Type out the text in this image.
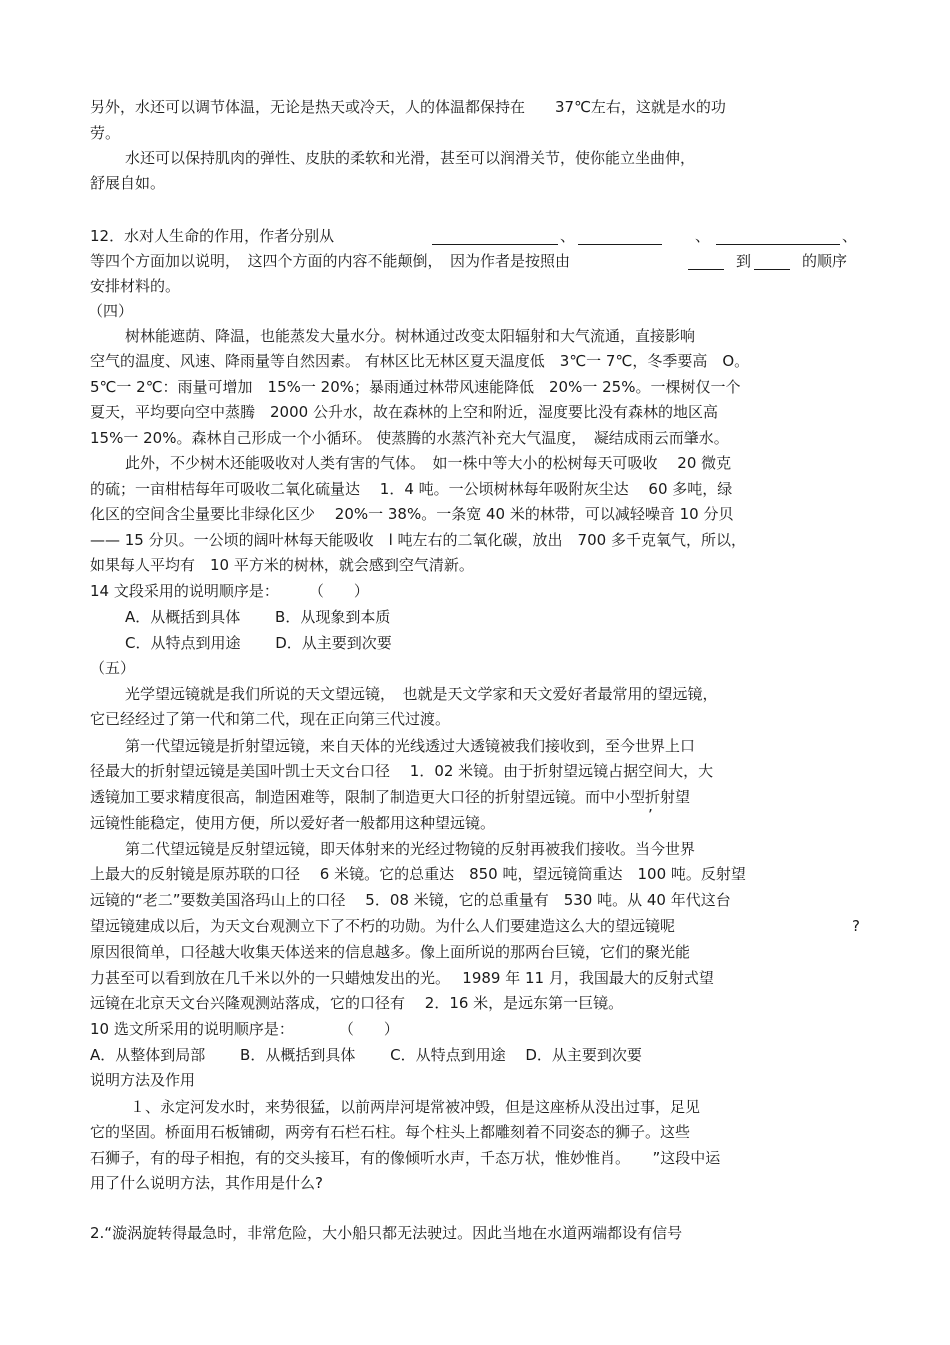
另外，水还可以调节体温，无论是热天或冷天，人的体温都保持在　　37℃左右，这就是水的功
劳。
　　水还可以保持肌肉的弹性、皮肤的柔软和光滑，甚至可以润滑关节，使你能立坐曲伸，
舒展自如。
12．水对人生命的作用，作者分别从	、	、	、
等四个方面加以说明，　这四个方面的内容不能颠倒，　因为作者是按照由	到	的顺序
安排材料的。
（四）
　　树林能遮荫、降温，也能蒸发大量水分。树林通过改变太阳辐射和大气流通，直接影响
空气的温度、风速、降雨量等自然因素。 有林区比无林区夏天温度低　3℃一 7℃，冬季要高　O。
5℃一 2℃：雨量可增加　15%一 20%；暴雨通过林带风速能降低　20%一 25%。一棵树仅一个
夏天，平均要向空中蒸腾　2000 公升水，故在森林的上空和附近，湿度要比没有森林的地区高
15%一 20%。森林自己形成一个小循环。 使蒸腾的水蒸汽补充大气温度，　凝结成雨云而肇水。
　　此外，不少树木还能吸收对人类有害的气体。　如一株中等大小的松树每天可吸收　 20 微克
的硫；一亩柑桔每年可吸收二氧化硫量达　 1．4 吨。一公顷树林每年吸附灰尘达　 60 多吨，绿
化区的空间含尘量要比非绿化区少　 20%一 38%。一条宽 40 米的林带，可以减轻噪音 10 分贝
—— 15 分贝。一公顷的阔叶林每天能吸收　l 吨左右的二氧化碳，放出　700 多千克氧气，所以，
如果每人平均有　10 平方米的树林，就会感到空气清新。
14 文段采用的说明顺序是：　　　（　　）
　　A．从概括到具体　　 B．从现象到本质
　　C．从特点到用途　　 D．从主要到次要
（五）
　　光学望远镜就是我们所说的天文望远镜，　也就是天文学家和天文爱好者最常用的望远镜，
它已经经过了第一代和第二代，现在正向第三代过渡。
　　第一代望远镜是折射望远镜，来自天体的光线透过大透镜被我们接收到，至今世界上口
径最大的折射望远镜是美国叶凯士天文台口径　 1．02 米镜。由于折射望远镜占据空间大，大
透镜加工要求精度很高，制造困难等，限制了制造更大口径的折射望远镜。而中小型折射望
远镜性能稳定，使用方便，所以爱好者一般都用这种望远镜。	’
　　第二代望远镜是反射望远镜，即天体射来的光经过物镜的反射再被我们接收。当今世界
上最大的反射镜是原苏联的口径　 6 米镜。它的总重达　850 吨，望远镜筒重达　100 吨。反射望
远镜的“老二”要数美国洛玛山上的口径　 5．08 米镜，它的总重量有　530 吨。从 40 年代这台
望远镜建成以后，为天文台观测立下了不朽的功勋。为什么人们要建造这么大的望远镜呢	?
原因很简单，口径越大收集天体送来的信息越多。像上面所说的那两台巨镜，它们的聚光能
力甚至可以看到放在几千米以外的一只蜡烛发出的光。　 1989 年 11 月，我国最大的反射式望
远镜在北京天文台兴隆观测站落成，它的口径有　 2．16 米，是远东第一巨镜。
10 选文所采用的说明顺序是：　　　　（　　）
A．从整体到局部　　 B．从概括到具体　　 C．从特点到用途　 D．从主要到次要
说明方法及作用
　　１、永定河发水时，来势很猛，以前两岸河堤常被冲毁，但是这座桥从没出过事，足见
它的坚固。桥面用石板铺砌，两旁有石栏石柱。每个柱头上都雕刻着不同姿态的狮子。这些
石狮子，有的母子相抱，有的交头接耳，有的像倾听水声，千态万状，惟妙惟肖。　　”这段中运
用了什么说明方法，其作用是什么?
2.“漩涡旋转得最急时，非常危险，大小船只都无法驶过。因此当地在水道两端都设有信号
